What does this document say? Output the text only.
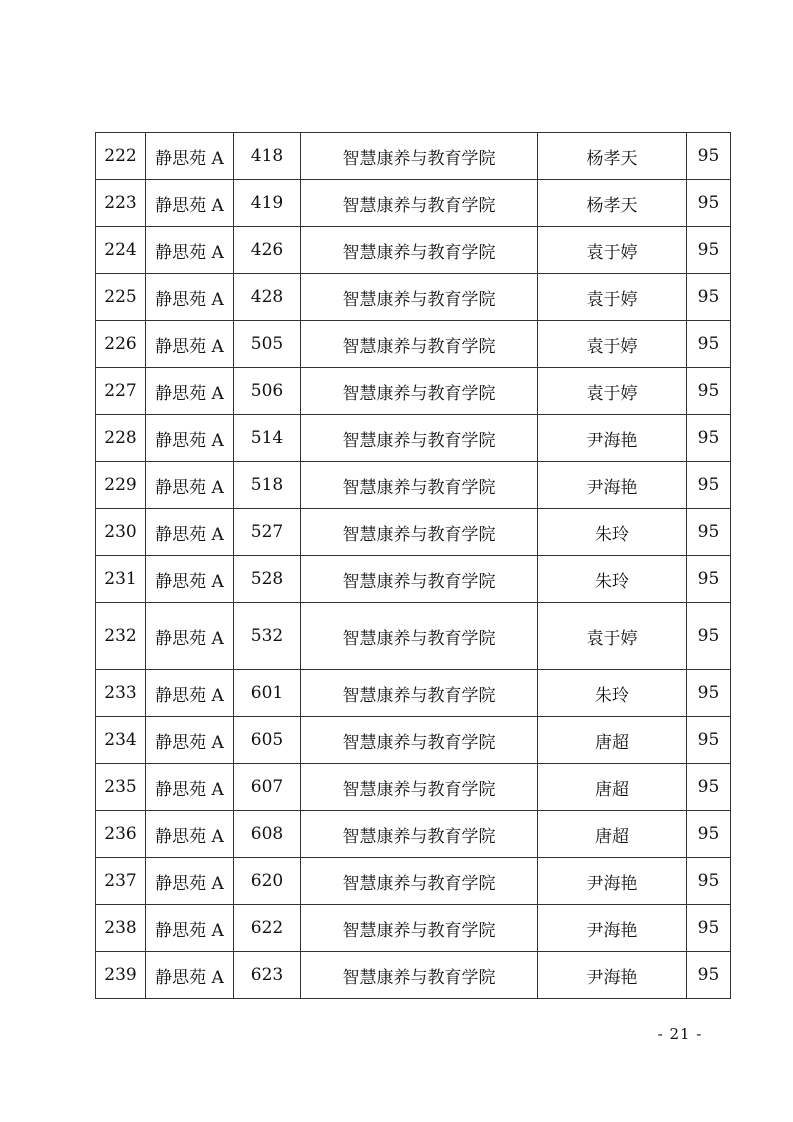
222	静思苑 A	418	智慧康养与教育学院	杨孝天	95
223	静思苑 A	419	智慧康养与教育学院	杨孝天	95
224	静思苑 A	426	智慧康养与教育学院	袁于婷	95
225	静思苑 A	428	智慧康养与教育学院	袁于婷	95
226	静思苑 A	505	智慧康养与教育学院	袁于婷	95
227	静思苑 A	506	智慧康养与教育学院	袁于婷	95
228	静思苑 A	514	智慧康养与教育学院	尹海艳	95
229	静思苑 A	518	智慧康养与教育学院	尹海艳	95
230	静思苑 A	527	智慧康养与教育学院	朱玲	95
231	静思苑 A	528	智慧康养与教育学院	朱玲	95
232	静思苑 A	532	智慧康养与教育学院	袁于婷	95
233	静思苑 A	601	智慧康养与教育学院	朱玲	95
234	静思苑 A	605	智慧康养与教育学院	唐超	95
235	静思苑 A	607	智慧康养与教育学院	唐超	95
236	静思苑 A	608	智慧康养与教育学院	唐超	95
237	静思苑 A	620	智慧康养与教育学院	尹海艳	95
238	静思苑 A	622	智慧康养与教育学院	尹海艳	95
239	静思苑 A	623	智慧康养与教育学院	尹海艳	95
- 21 -
